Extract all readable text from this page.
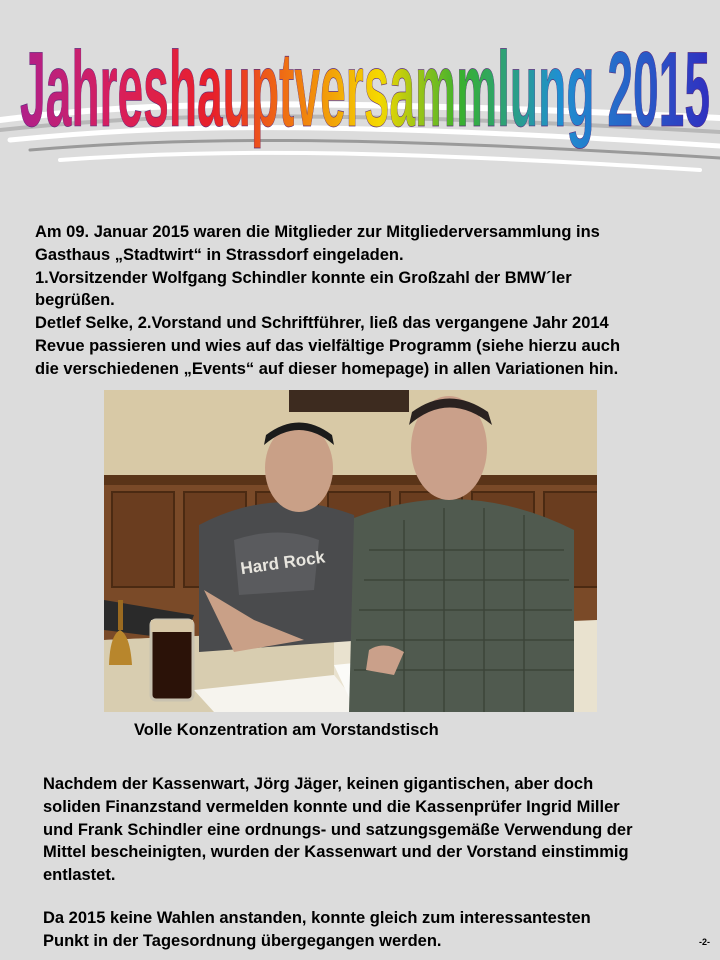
Jahreshauptversammlung 2015
Am 09. Januar 2015 waren die Mitglieder zur Mitgliederversammlung ins
Gasthaus „Stadtwirt“ in Strassdorf eingeladen.
1.Vorsitzender Wolfgang Schindler konnte ein Großzahl der BMW´ler
begrüßen.
Detlef Selke, 2.Vorstand und Schriftführer, ließ das vergangene Jahr 2014
Revue passieren und wies auf das vielfältige Programm (siehe hierzu auch
die verschiedenen „Events“ auf dieser homepage) in allen Variationen hin.
Hard Rock
Volle Konzentration am Vorstandstisch
Nachdem der Kassenwart, Jörg Jäger, keinen gigantischen, aber doch
soliden Finanzstand vermelden konnte und die Kassenprüfer Ingrid Miller
und Frank Schindler eine ordnungs- und satzungsgemäße Verwendung der
Mittel bescheinigten, wurden der Kassenwart und der Vorstand einstimmig
entlastet.
Da 2015 keine Wahlen anstanden, konnte gleich zum interessantesten
Punkt in der Tagesordnung übergegangen werden.	-2-
